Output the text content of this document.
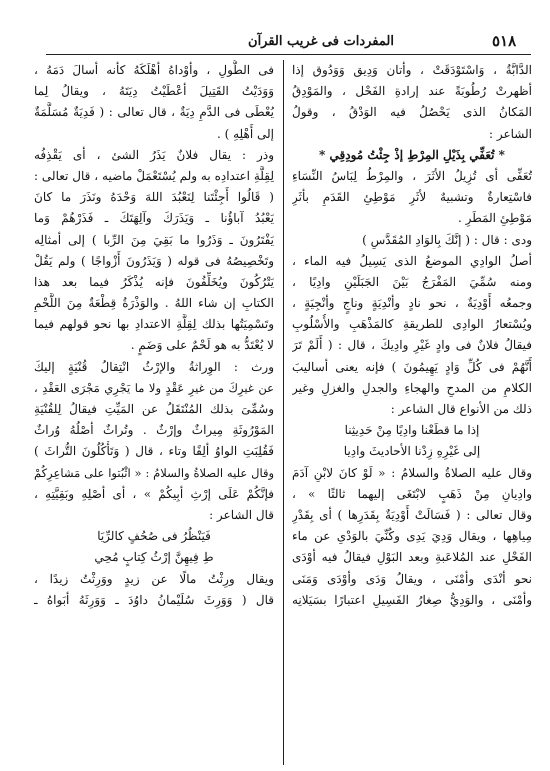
٥١٨
المفردات فى غريب القرآن
الدَّابَّةُ ، وَاسْتَوْدَقَتْ ، وأتان وَدِيق وَوَدُوق إذا
أظهرتْ رُطُوبَةً عند إرادةِ الفَحْل ، والمَوْدِقُ
المَكانُ الذى يَحْصُلُ فيه الوَدْقُ ، وقولُ
الشاعر :
* تُعَفِّي بِذَيْلِ المِرْطِ إذْ جِئْتُ مُودِقِي *
تُعَفِّى أى تُزِيلُ الأثَرَ ، والمِرْطُ لِبَاسُ النِّسَاءِ
فاسْتِعارةٌ وتشبيهٌ لأثَرِ مَوْطِئِ القَدَمِ بأثَرِ
مَوْطِئِ المَطَرِ .
ودى : قال : ( إنَّكَ بِالوَادِ المُقَدَّسِ )
أصلُ الوادِي الموضعُ الذى يَسِيلُ فيه الماء ،
ومنه سُمِّيَ المَفْرَجُ بَيْنَ الجَبَلَيْنِ وادِيًا ،
وجمعُه أَوْدِيَةٌ ، نحو نادٍ وأنْدِيَةٍ وناجٍ وأنْجِيَةٍ ،
ويُسْتعارُ الوادِى للطريقةِ كالمَذْهَبِ والأُسْلُوبِ
فيقالُ فلانٌ فى وادٍ غَيْرِ وادِيكَ ، قال : ( أَلَمْ تَرَ
أَنَّهُمْ فى كُلِّ وَادٍ يَهِيمُونَ ) فإنه يعنى أساليبَ
الكلامِ من المدحِ والهجاءِ والجدلِ والغزلِ وغير
ذلك من الأنواع قال الشاعر :
إذا ما قطَعْنا وادِيًا مِنْ حَدِيثِنا
إلى غَيْرِهِ زِدْنا الأحاديثَ وادِيا
وقال عليه الصلاةُ والسلامُ : « لَوْ كانَ لابْنِ آدَمَ
وادِيانِ مِنْ ذَهَبٍ لابْتَغَى إليهما ثالثًا » ،
وقال تعالى : ( فَسَالَتْ أَوْدِيَةٌ بِقَدَرِها ) أى بِقَدْرِ
مِياهِها ، ويقال وَدِيَ يَدِى وكُنِّيَ بالوَدْىِ عن ماء
الفَحْلِ عند المُلاعَبةِ وبعد البَوْلِ فيقالُ فيه أوْدَى
نحو أنْدَى وأمْنَى ، ويقالُ وَدَى وأوْدَى وَمَنَى
وأمْنَى ، والوَدِيُّ صِغارُ الفَسِيلِ اعتبارًا بسَيَلانِه
فى الطُّولِ ، وأوْداهُ أهْلَكَهُ كأنه أسالَ دَمَهُ ،
وَوَدَيْتُ القَتِيلَ أعْطَيْتُ دِيَتَهُ ، ويقالُ لِما
يُعْطَى فى الدَّمِ دِيَةٌ ، قال تعالى : ( فَدِيَةٌ مُسَلَّمَةٌ
إلى أَهْلِهِ ) .
وذر : يقال فلانٌ يَذَرُ الشئ ، أى يَقْذِفُه
لِقِلَّةِ اعتدادِه به ولم يُسْتَعْمَلْ ماضيه ، قال تعالى :
( قَالُوا أَجِئْتَنا لِنَعْبُدَ اللهَ وَحْدَهُ ونَذَرَ ما كانَ
يَعْبُدُ آباؤُنا ـ وَيَذَرَكَ وآلِهَتَكَ ـ فَذَرْهُمْ وَما
يَفْتَرُونَ ـ وَذَرُوا ما بَقِيَ مِنَ الرِّبا ) إلى أمثالِه
وتَخْصِيصُهُ فى قوله ( وَيَذَرُونَ أَزْواجًا ) ولم يَقُلْ
يَتْرُكُونَ ويُخَلِّفُونَ فإنه يُذْكَرُ فيما بعد هذا
الكتابِ إن شاء اللهُ . والوَذْرَةُ قِطْعَةٌ مِنَ اللَّحْمِ
وتَسْمِيَتُها بذلك لِقِلَّةِ الاعتدادِ بها نحو قولهم فيما
لا يُعْتَدُّ به هو لَحْمٌ على وَضَمٍ .
ورث : الوِراثةُ والإرْثُ انْتِقالُ قُنْيَةٍ إليكَ
عن غيرِكَ من غيرِ عَقْدٍ ولا ما يَجْرِي مَجْرَى العَقْدِ ،
وسُمِّىَ بذلك المُنْتَقَلُ عن المَيِّتِ فيقالُ لِلقُنْيَةِ
المَوْرُوثَةِ مِيراثٌ وإرْثٌ . وتُراثٌ أصْلُهُ وُراثٌ
فَقُلِبَتِ الواوُ ألِفًا وتاء ، قال ( وَتَأْكُلُونَ التُّراثَ )
وقال عليه الصلاةُ والسلامُ : « اثْبُتوا على مَشاعِرِكُمْ
فإنَّكُمْ عَلَى إرْثِ أبِيكُمْ » ، أى أصْلِهِ وبَقِيَّتِهِ ،
قال الشاعر :
فَيَنْظُرُ فى صُحُفٍ كالرِّيَا
طِ فِيهِنَّ إرْثُ كِتابٍ مُحِي
ويقال ورِثْتُ مالًا عن زيدٍ ووَرِثْتُ زيدًا ،
قال ( وَوَرِثَ سُلَيْمانُ داوُدَ ـ وَوَرِثَهُ أبَواهُ ـ
